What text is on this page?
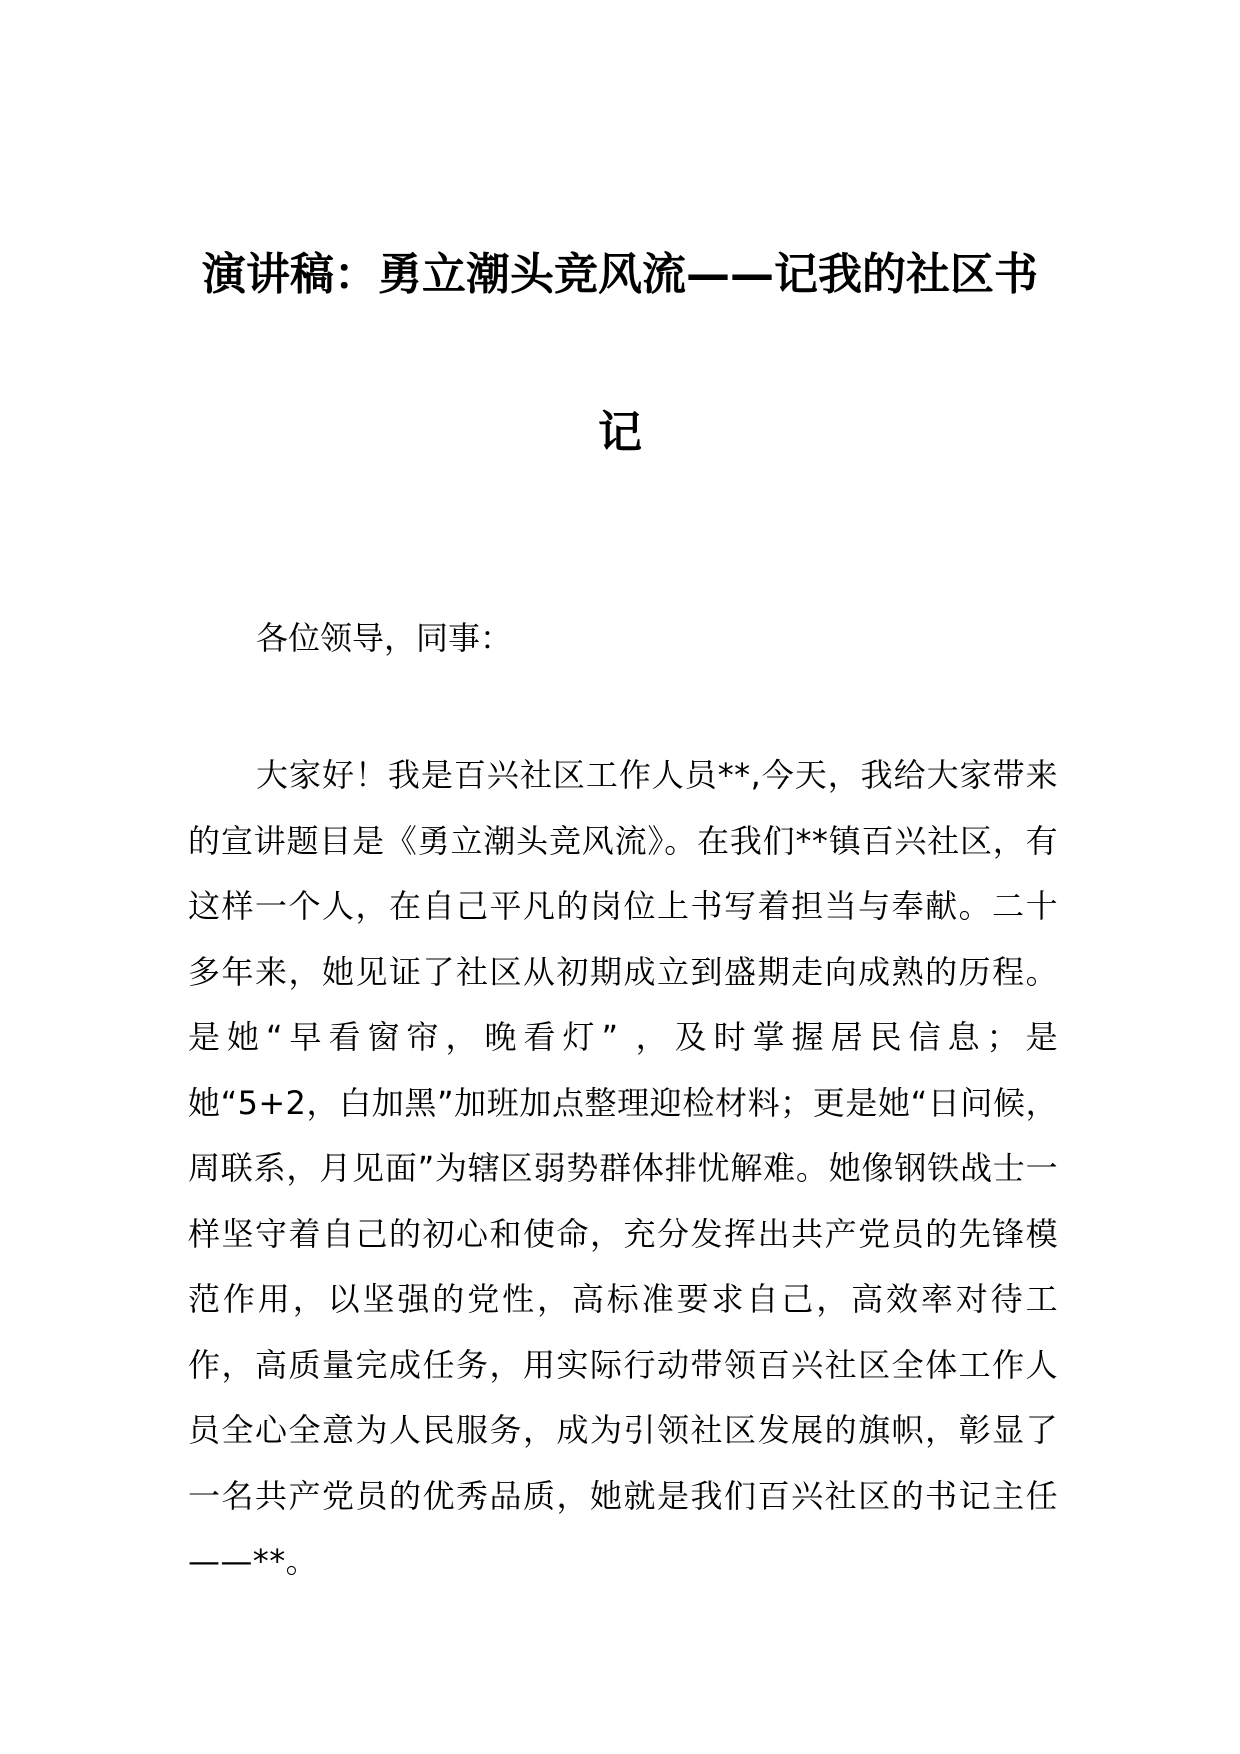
演讲稿：勇立潮头竞风流——记我的社区书记

各位领导，同事：

大家好！我是百兴社区工作人员**,今天，我给大家带来的宣讲题目是《勇立潮头竞风流》。在我们**镇百兴社区，有这样一个人，在自己平凡的岗位上书写着担当与奉献。二十多年来，她见证了社区从初期成立到盛期走向成熟的历程。是她“早看窗帘，晚看灯” ，及时掌握居民信息；是她“5+2，白加黑”加班加点整理迎检材料；更是她“日问候，周联系，月见面”为辖区弱势群体排忧解难。她像钢铁战士一样坚守着自己的初心和使命，充分发挥出共产党员的先锋模范作用，以坚强的党性，高标准要求自己，高效率对待工作，高质量完成任务，用实际行动带领百兴社区全体工作人员全心全意为人民服务，成为引领社区发展的旗帜，彰显了一名共产党员的优秀品质，她就是我们百兴社区的书记主任——**。
